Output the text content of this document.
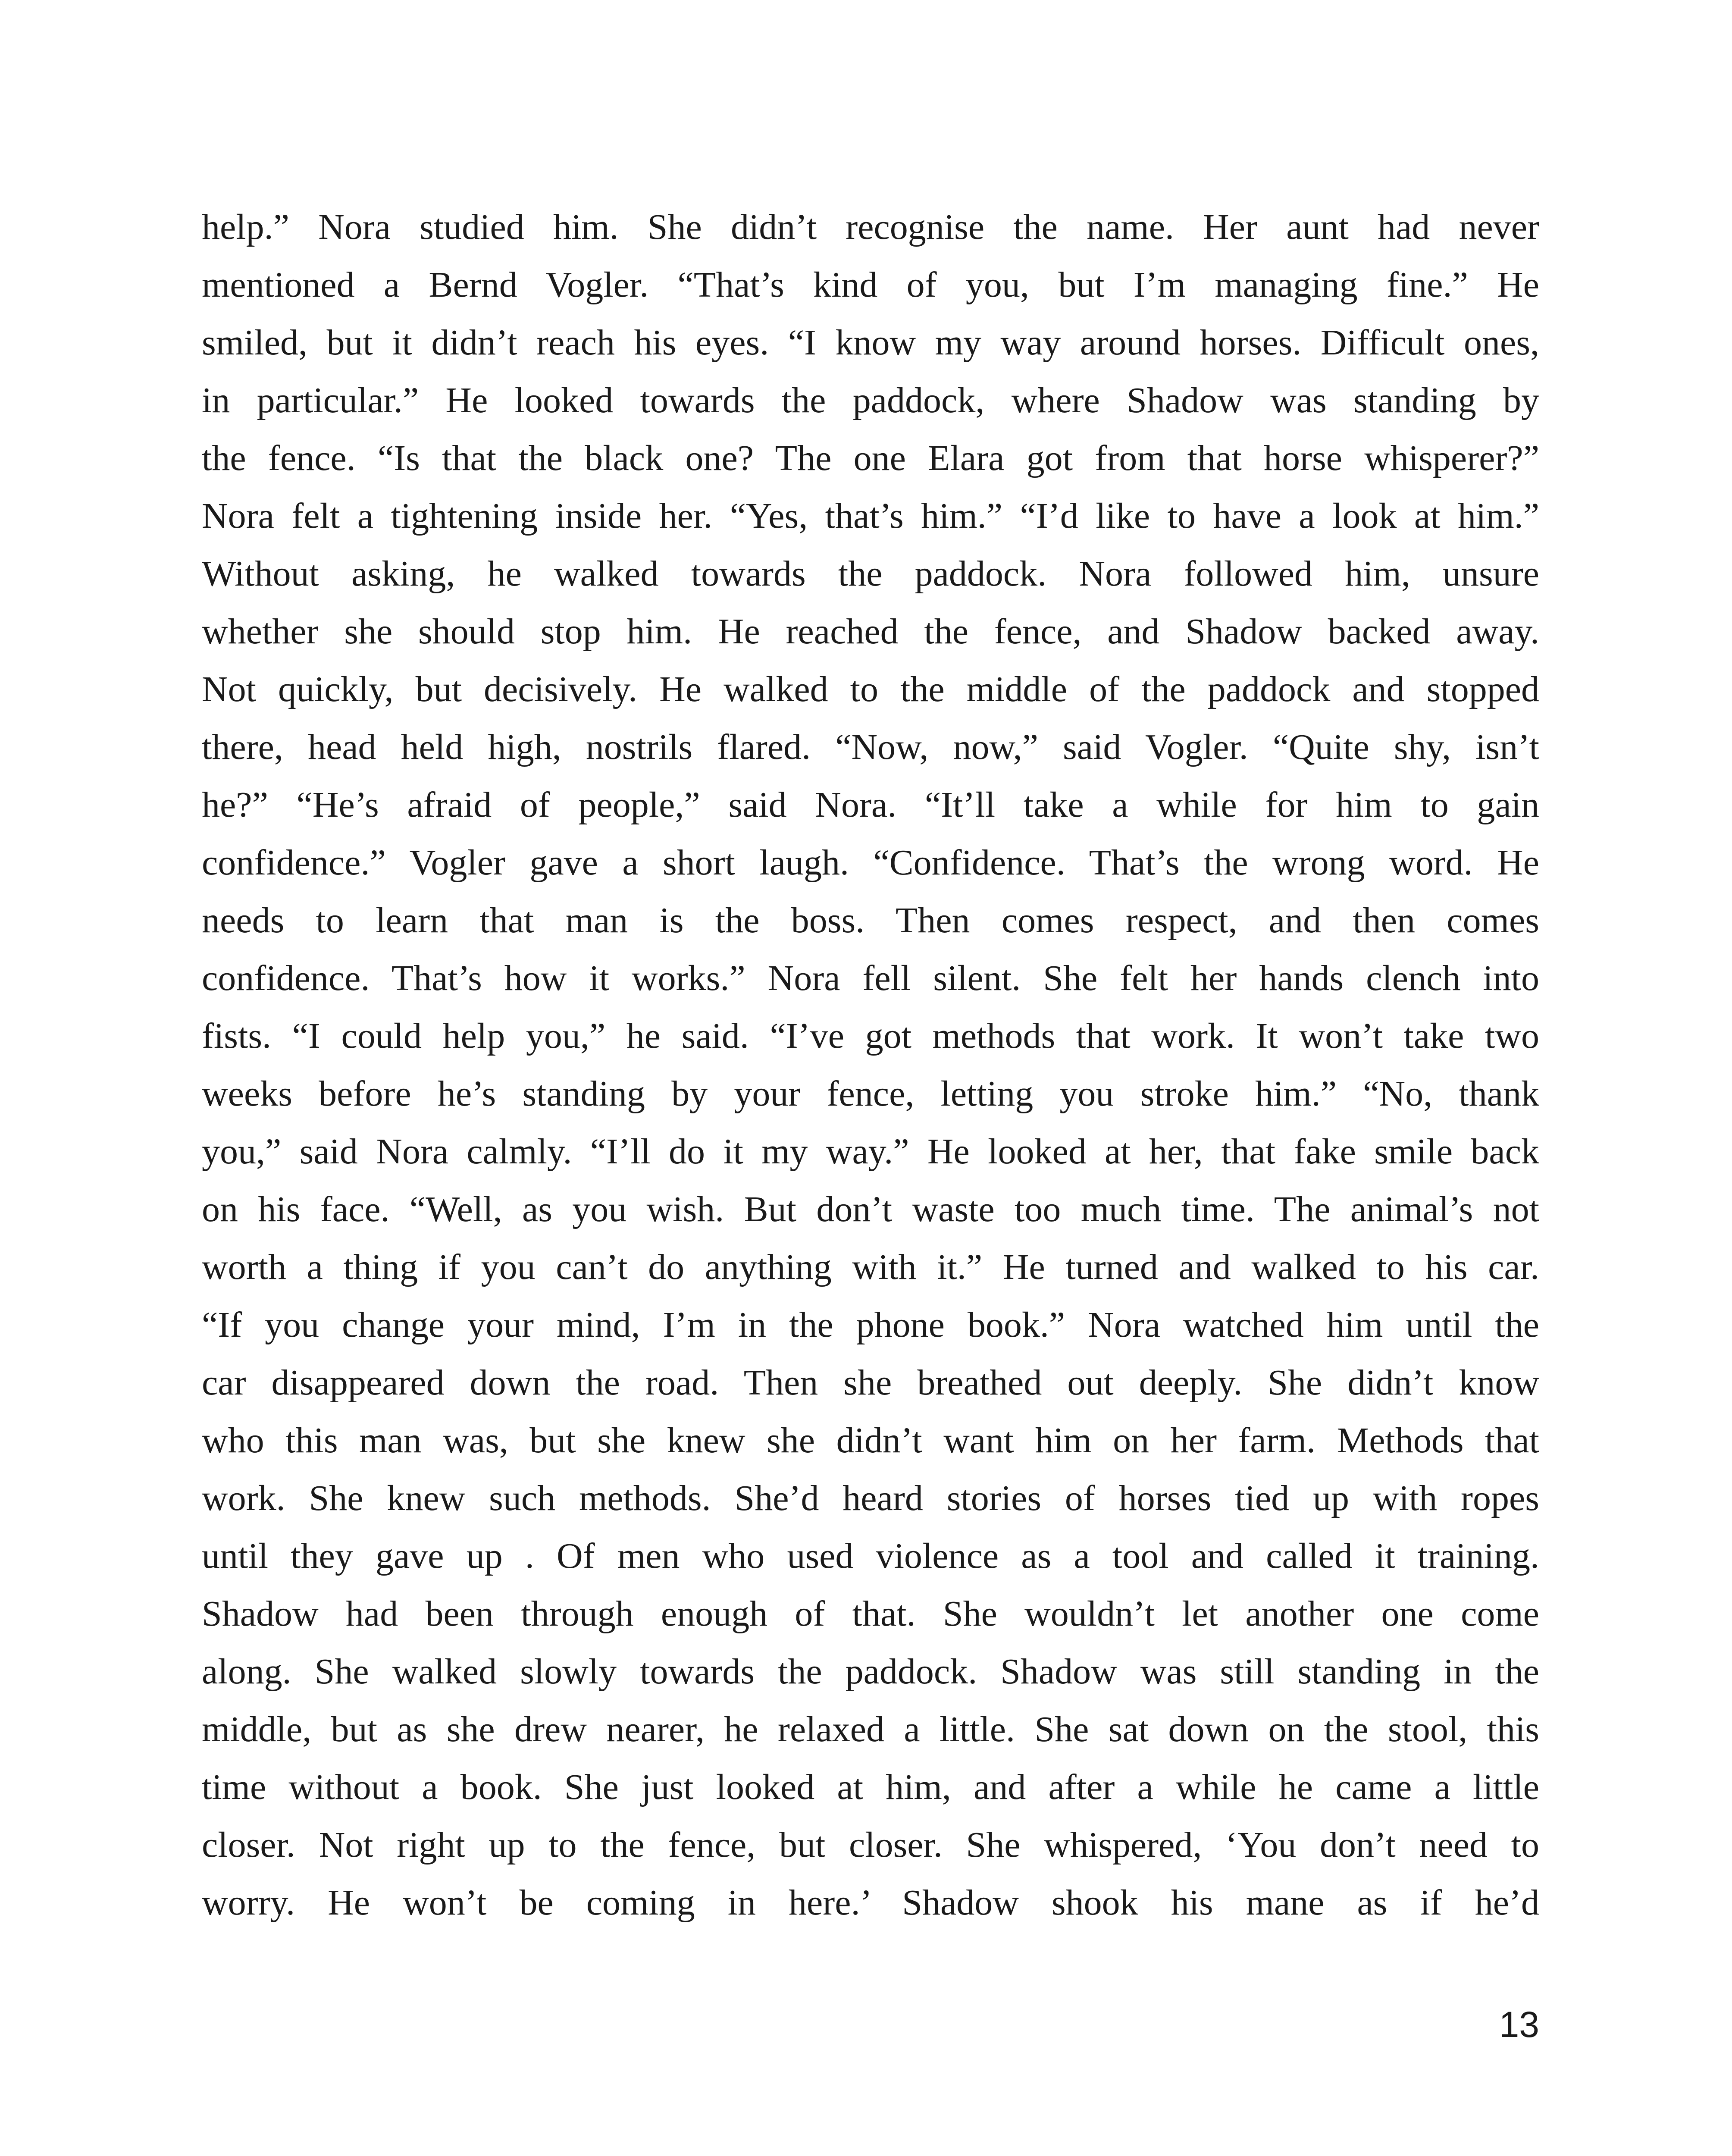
help.” Nora studied him. She didn’t recognise the name. Her aunt had never
mentioned a Bernd Vogler. “That’s kind of you, but I’m managing fine.” He
smiled, but it didn’t reach his eyes. “I know my way around horses. Difficult ones,
in particular.” He looked towards the paddock, where Shadow was standing by
the fence. “Is that the black one? The one Elara got from that horse whisperer?”
Nora felt a tightening inside her. “Yes, that’s him.” “I’d like to have a look at him.”
Without asking, he walked towards the paddock. Nora followed him, unsure
whether she should stop him. He reached the fence, and Shadow backed away.
Not quickly, but decisively. He walked to the middle of the paddock and stopped
there, head held high, nostrils flared. “Now, now,” said Vogler. “Quite shy, isn’t
he?” “He’s afraid of people,” said Nora. “It’ll take a while for him to gain
confidence.” Vogler gave a short laugh. “Confidence. That’s the wrong word. He
needs to learn that man is the boss. Then comes respect, and then comes
confidence. That’s how it works.” Nora fell silent. She felt her hands clench into
fists. “I could help you,” he said. “I’ve got methods that work. It won’t take two
weeks before he’s standing by your fence, letting you stroke him.” “No, thank
you,” said Nora calmly. “I’ll do it my way.” He looked at her, that fake smile back
on his face. “Well, as you wish. But don’t waste too much time. The animal’s not
worth a thing if you can’t do anything with it.” He turned and walked to his car.
“If you change your mind, I’m in the phone book.” Nora watched him until the
car disappeared down the road. Then she breathed out deeply. She didn’t know
who this man was, but she knew she didn’t want him on her farm. Methods that
work. She knew such methods. She’d heard stories of horses tied up with ropes
until they gave up . Of men who used violence as a tool and called it training.
Shadow had been through enough of that. She wouldn’t let another one come
along. She walked slowly towards the paddock. Shadow was still standing in the
middle, but as she drew nearer, he relaxed a little. She sat down on the stool, this
time without a book. She just looked at him, and after a while he came a little
closer. Not right up to the fence, but closer. She whispered, ‘You don’t need to
worry. He won’t be coming in here.’ Shadow shook his mane as if he’d
13
